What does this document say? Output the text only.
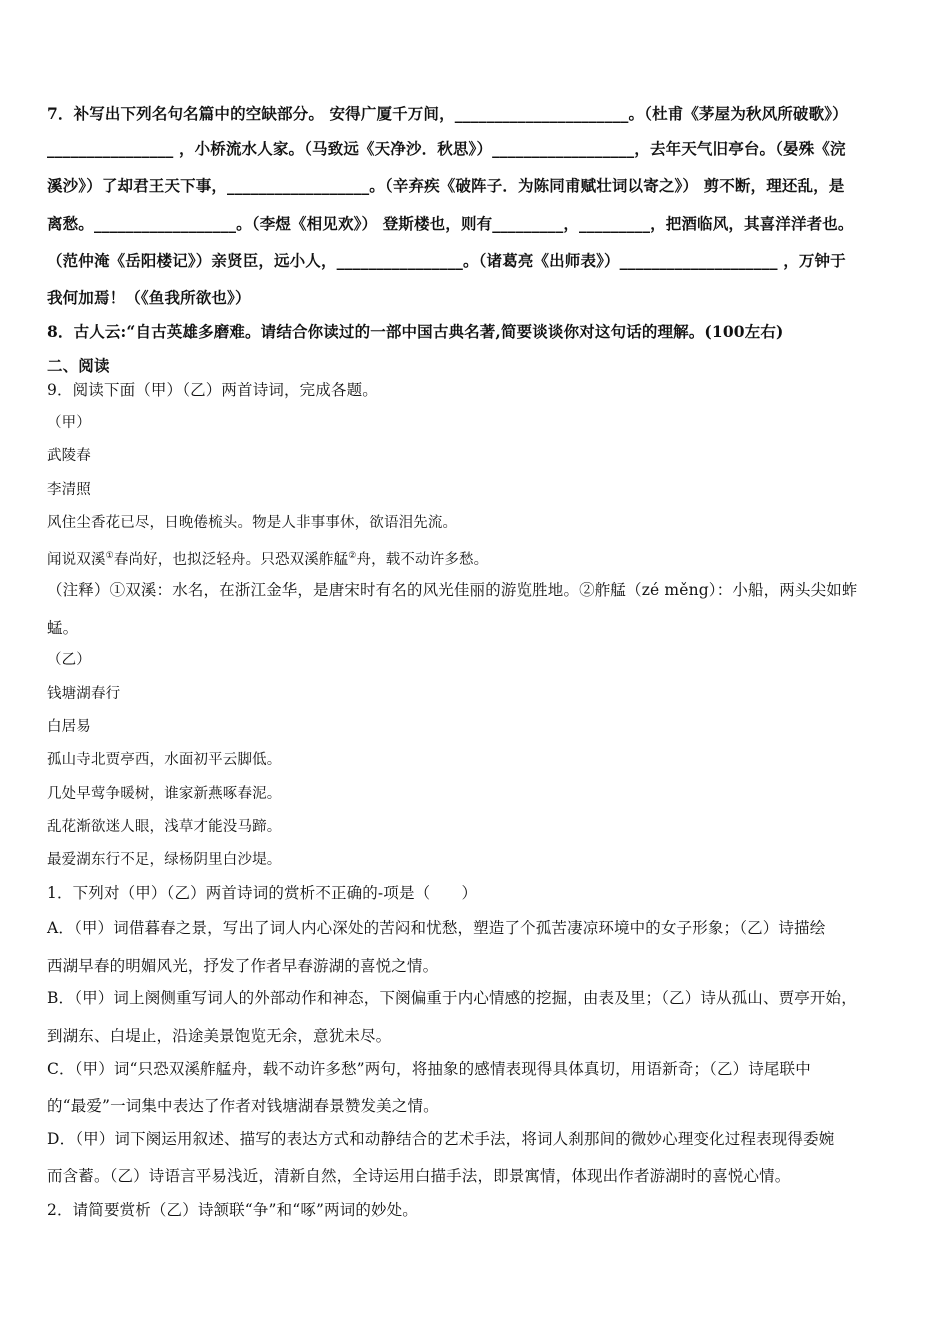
7．补写出下列名句名篇中的空缺部分。 安得广厦千万间，______________________。（杜甫《茅屋为秋风所破歌》）
________________ ，小桥流水人家。（马致远《天净沙．秋思》）__________________，去年天气旧亭台。（晏殊《浣
溪沙》）了却君王天下事，__________________。（辛弃疾《破阵子．为陈同甫赋壮词以寄之》） 剪不断，理还乱，是
离愁。__________________。（李煜《相见欢》） 登斯楼也，则有_________，_________，把酒临风，其喜洋洋者也。
（范仲淹《岳阳楼记》）亲贤臣，远小人，________________。（诸葛亮《出师表》）____________________ ，万钟于
我何加焉！（《鱼我所欲也》）
8．古人云:“自古英雄多磨难。请结合你读过的一部中国古典名著,简要谈谈你对这句话的理解。(100左右)
二、阅读
9．阅读下面（甲）（乙）两首诗词，完成各题。
（甲）
武陵春
李清照
风住尘香花已尽，日晚倦梳头。物是人非事事休，欲语泪先流。
闻说双溪①春尚好，也拟泛轻舟。只恐双溪舴艋②舟，载不动许多愁。
（注释）①双溪：水名，在浙江金华，是唐宋时有名的风光佳丽的游览胜地。②舴艋（zé měng）：小船，两头尖如蚱
蜢。
（乙）
钱塘湖春行
白居易
孤山寺北贾亭西，水面初平云脚低。
几处早莺争暖树，谁家新燕啄春泥。
乱花渐欲迷人眼，浅草才能没马蹄。
最爱湖东行不足，绿杨阴里白沙堤。
1．下列对（甲）（乙）两首诗词的赏析不正确的-项是（　　）
A．（甲）词借暮春之景，写出了词人内心深处的苦闷和忧愁，塑造了个孤苦凄凉环境中的女子形象；（乙）诗描绘
西湖早春的明媚风光，抒发了作者早春游湖的喜悦之情。
B．（甲）词上阕侧重写词人的外部动作和神态，下阕偏重于内心情感的挖掘，由表及里；（乙）诗从孤山、贾亭开始，
到湖东、白堤止，沿途美景饱览无余，意犹未尽。
C．（甲）词“只恐双溪舴艋舟，载不动许多愁”两句，将抽象的感情表现得具体真切，用语新奇；（乙）诗尾联中
的“最爱”一词集中表达了作者对钱塘湖春景赞发美之情。
D．（甲）词下阕运用叙述、描写的表达方式和动静结合的艺术手法，将词人刹那间的微妙心理变化过程表现得委婉
而含蓄。（乙）诗语言平易浅近，清新自然，全诗运用白描手法，即景寓情，体现出作者游湖时的喜悦心情。
2．请简要赏析（乙）诗颔联“争”和“啄”两词的妙处。
